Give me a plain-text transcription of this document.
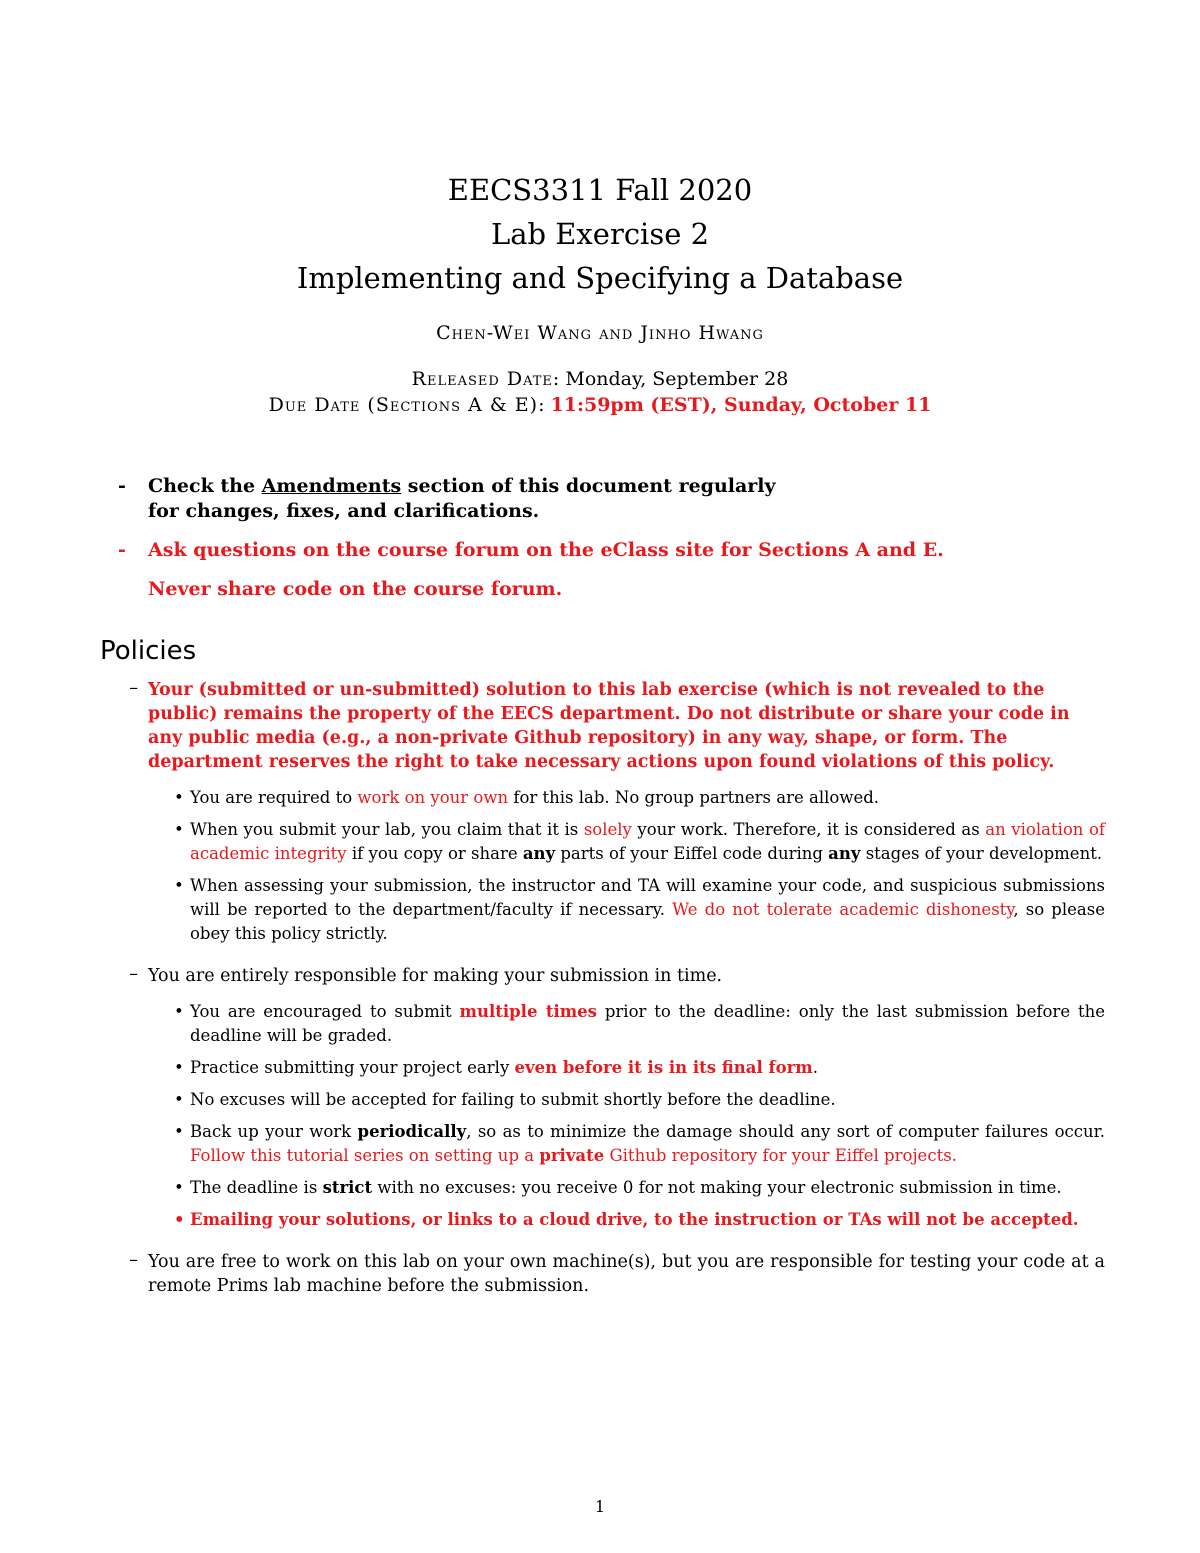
EECS3311 Fall 2020
Lab Exercise 2
Implementing and Specifying a Database
Chen-Wei Wang and Jinho Hwang
Released Date: Monday, September 28
Due Date (Sections A & E): 11:59pm (EST), Sunday, October 11
-	Check the Amendments section of this document regularly
for changes, fixes, and clarifications.

-	Ask questions on the course forum on the eClass site for Sections A and E.

Never share code on the course forum.

Policies
– Your (submitted or un-submitted) solution to this lab exercise (which is not revealed to the public) remains the property of the EECS department. Do not distribute or share your code in any public media (e.g., a non-private Github repository) in any way, shape, or form. The department reserves the right to take necessary actions upon found violations of this policy.
• You are required to work on your own for this lab. No group partners are allowed.
• When you submit your lab, you claim that it is solely your work. Therefore, it is considered as an violation of academic integrity if you copy or share any parts of your Eiffel code during any stages of your development.
• When assessing your submission, the instructor and TA will examine your code, and suspicious submissions will be reported to the department/faculty if necessary. We do not tolerate academic dishonesty, so please obey this policy strictly.
– You are entirely responsible for making your submission in time.
• You are encouraged to submit multiple times prior to the deadline: only the last submission before the deadline will be graded.
• Practice submitting your project early even before it is in its final form.
• No excuses will be accepted for failing to submit shortly before the deadline.
• Back up your work periodically, so as to minimize the damage should any sort of computer failures occur. Follow this tutorial series on setting up a private Github repository for your Eiffel projects.
• The deadline is strict with no excuses: you receive 0 for not making your electronic submission in time.
• Emailing your solutions, or links to a cloud drive, to the instruction or TAs will not be accepted.
– You are free to work on this lab on your own machine(s), but you are responsible for testing your code at a remote Prims lab machine before the submission.
1
